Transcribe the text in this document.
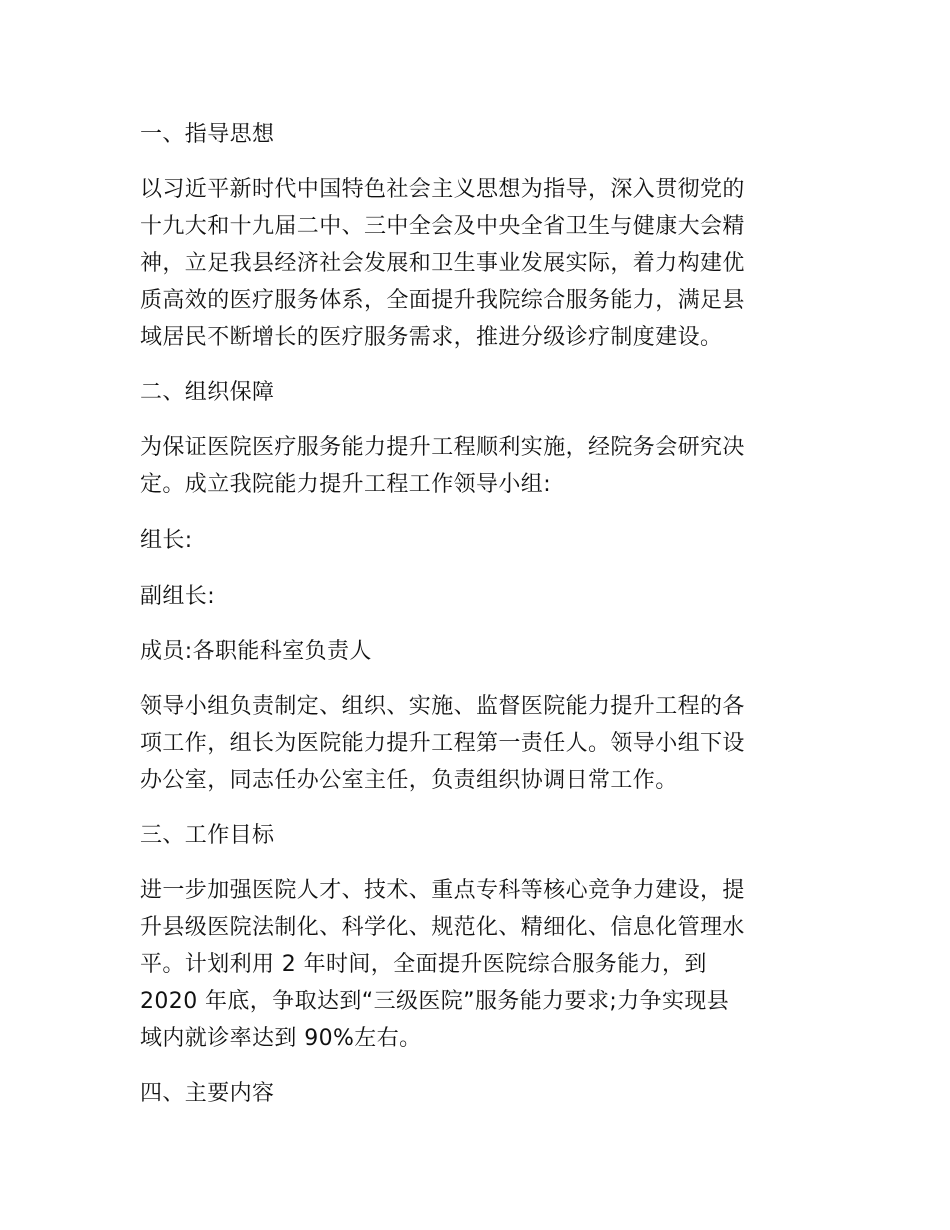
一、指导思想
以习近平新时代中国特色社会主义思想为指导，深入贯彻党的
十九大和十九届二中、三中全会及中央全省卫生与健康大会精
神，立足我县经济社会发展和卫生事业发展实际，着力构建优
质高效的医疗服务体系，全面提升我院综合服务能力，满足县
域居民不断增长的医疗服务需求，推进分级诊疗制度建设。
二、组织保障
为保证医院医疗服务能力提升工程顺利实施，经院务会研究决
定。成立我院能力提升工程工作领导小组:
组长:
副组长:
成员:各职能科室负责人
领导小组负责制定、组织、实施、监督医院能力提升工程的各
项工作，组长为医院能力提升工程第一责任人。领导小组下设
办公室，同志任办公室主任，负责组织协调日常工作。
三、工作目标
进一步加强医院人才、技术、重点专科等核心竞争力建设，提
升县级医院法制化、科学化、规范化、精细化、信息化管理水
平。计划利用 2 年时间，全面提升医院综合服务能力，到
2020 年底，争取达到“三级医院”服务能力要求;力争实现县
域内就诊率达到 90%左右。
四、主要内容
